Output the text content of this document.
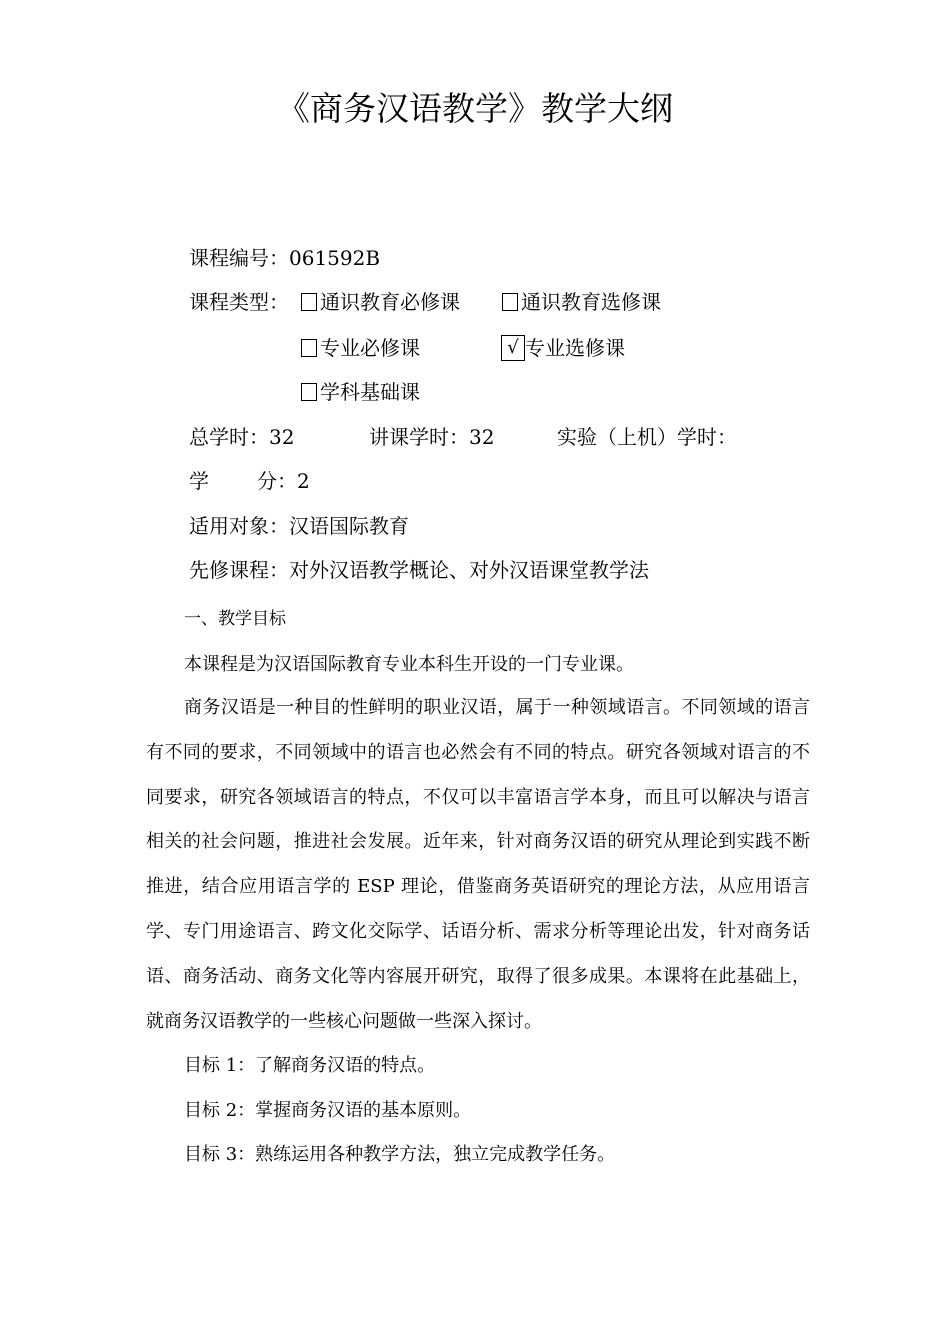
《商务汉语教学》教学大纲
课程编号： 061592B
课程类型： 通识教育必修课	通识教育选修课
专业必修课	√ 专业选修课
学科基础课
总学时： 32	讲课学时： 32	实验（上机）学时：
学	分： 2
适用对象： 汉语国际教育
先修课程： 对外汉语教学概论、对外汉语课堂教学法
一、教学目标
本课程是为汉语国际教育专业本科生开设的一门专业课。

商务汉语是一种目的性鲜明的职业汉语，属于一种领域语言。不同领域的语言有不同的要求，不同领域中的语言也必然会有不同的特点。研究各领域对语言的不同要求，研究各领域语言的特点，不仅可以丰富语言学本身，而且可以解决与语言相关的社会问题，推进社会发展。近年来，针对商务汉语的研究从理论到实践不断推进，结合应用语言学的 ESP 理论，借鉴商务英语研究的理论方法，从应用语言学、专门用途语言、跨文化交际学、话语分析、需求分析等理论出发，针对商务话语、商务活动、商务文化等内容展开研究，取得了很多成果。本课将在此基础上，就商务汉语教学的一些核心问题做一些深入探讨。

目标 1：了解商务汉语的特点。
目标 2：掌握商务汉语的基本原则。
目标 3：熟练运用各种教学方法，独立完成教学任务。
